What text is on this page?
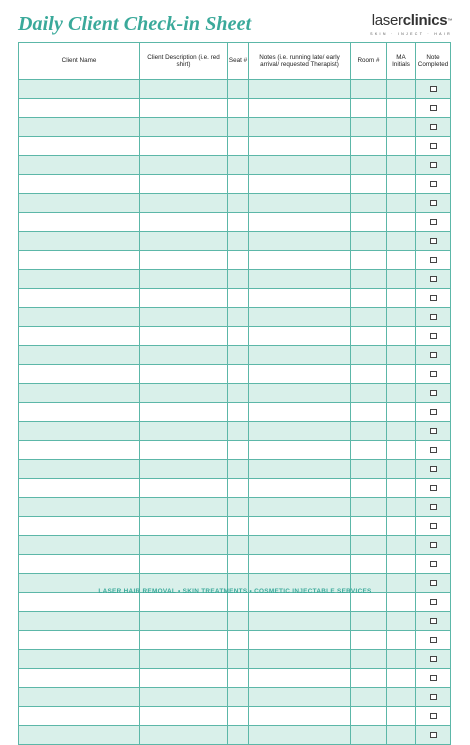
Daily Client Check-in Sheet	laserclinics™
SKIN · INJECT · HAIR
Client Name	Client Description (i.e. red shirt)	Seat #	Notes (i.e. running late/ early arrival/ requested Therapist)	Room #	MA Initials	Note Completed

LASER HAIR REMOVAL • SKIN TREATMENTS • COSMETIC INJECTABLE SERVICES
